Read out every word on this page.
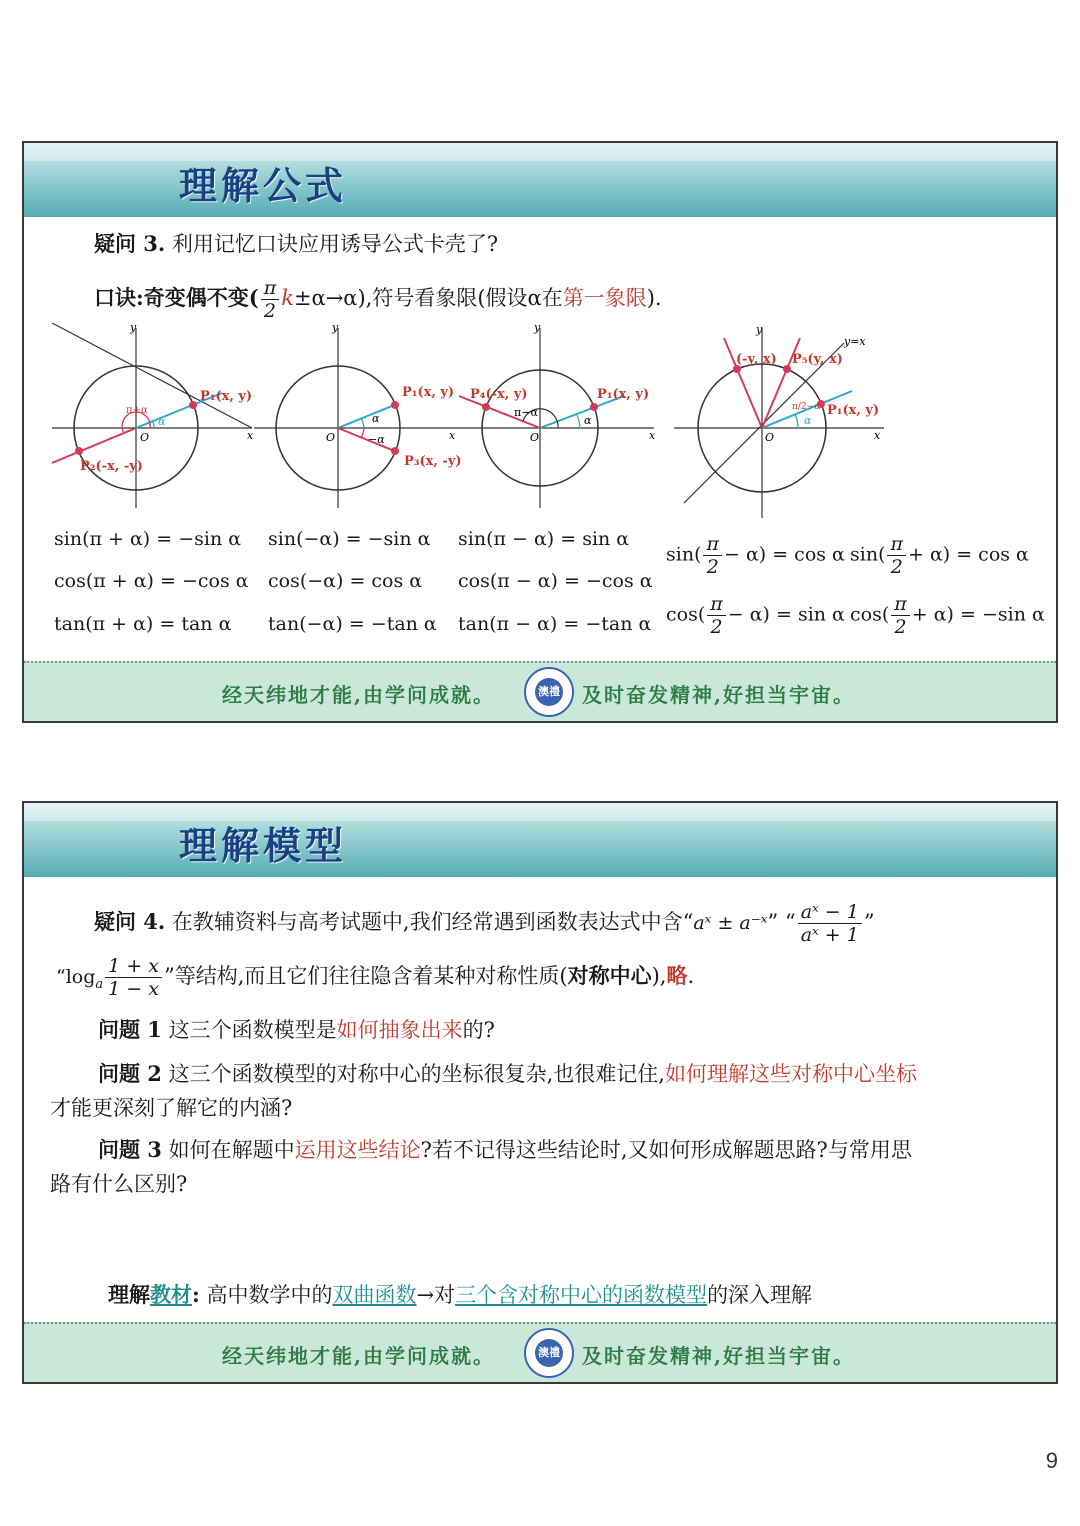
理解公式
疑问 3. 利用记忆口诀应用诱导公式卡壳了?
口诀:奇变偶不变( $\frac{\pi}{2} k\pm\alpha\to\alpha$),符号看象限(假设α在第一象限).
y
x
O
P₁(x, y)
P₂(-x, -y)
π+α
α
y
x
O
P₁(x, y)
P₃(x, -y)
α
−α
y
x
O
P₁(x, y)
P₄(-x, y)
π−α
α
y
x
O
y=x
P₁(x, y)
P₅(y, x)
(-y, x)
π/2−α
α
sin(π + α) = −sin α
cos(π + α) = −cos α
tan(π + α) = tan α
sin(−α) = −sin α
cos(−α) = cos α
tan(−α) = −tan α
sin(π − α) = sin α
cos(π − α) = −cos α
tan(π − α) = −tan α
$\sin( \frac{\pi}{2} - \alpha) = \cos \alpha$ $\sin( \frac{\pi}{2} + \alpha) = \cos \alpha$
$\cos( \frac{\pi}{2} - \alpha) = \sin \alpha$ $\cos( \frac{\pi}{2} + \alpha) = -\sin$ α
经天纬地才能,由学问成就。	澳禮 及时奋发精神,好担当宇宙。
理解模型
疑问 4. 在教辅资料与高考试题中,我们经常遇到函数表达式中含“aˣ ± a⁻ˣ” “ $\frac{\text{aˣ − 1}}{\text{aˣ + 1}}$ ”
“$\log_a \frac{1 + x}{1 - x}$ ”等结构,而且它们往往隐含着某种对称性质(对称中心),略.
问题 1 这三个函数模型是如何抽象出来的?
问题 2 这三个函数模型的对称中心的坐标很复杂,也很难记住,如何理解这些对称中心坐标
才能更深刻了解它的内涵?
问题 3 如何在解题中运用这些结论?若不记得这些结论时,又如何形成解题思路?与常用思
路有什么区别?
理解教材: 高中数学中的双曲函数→对三个含对称中心的函数模型的深入理解
经天纬地才能,由学问成就。	澳禮 及时奋发精神,好担当宇宙。
9
